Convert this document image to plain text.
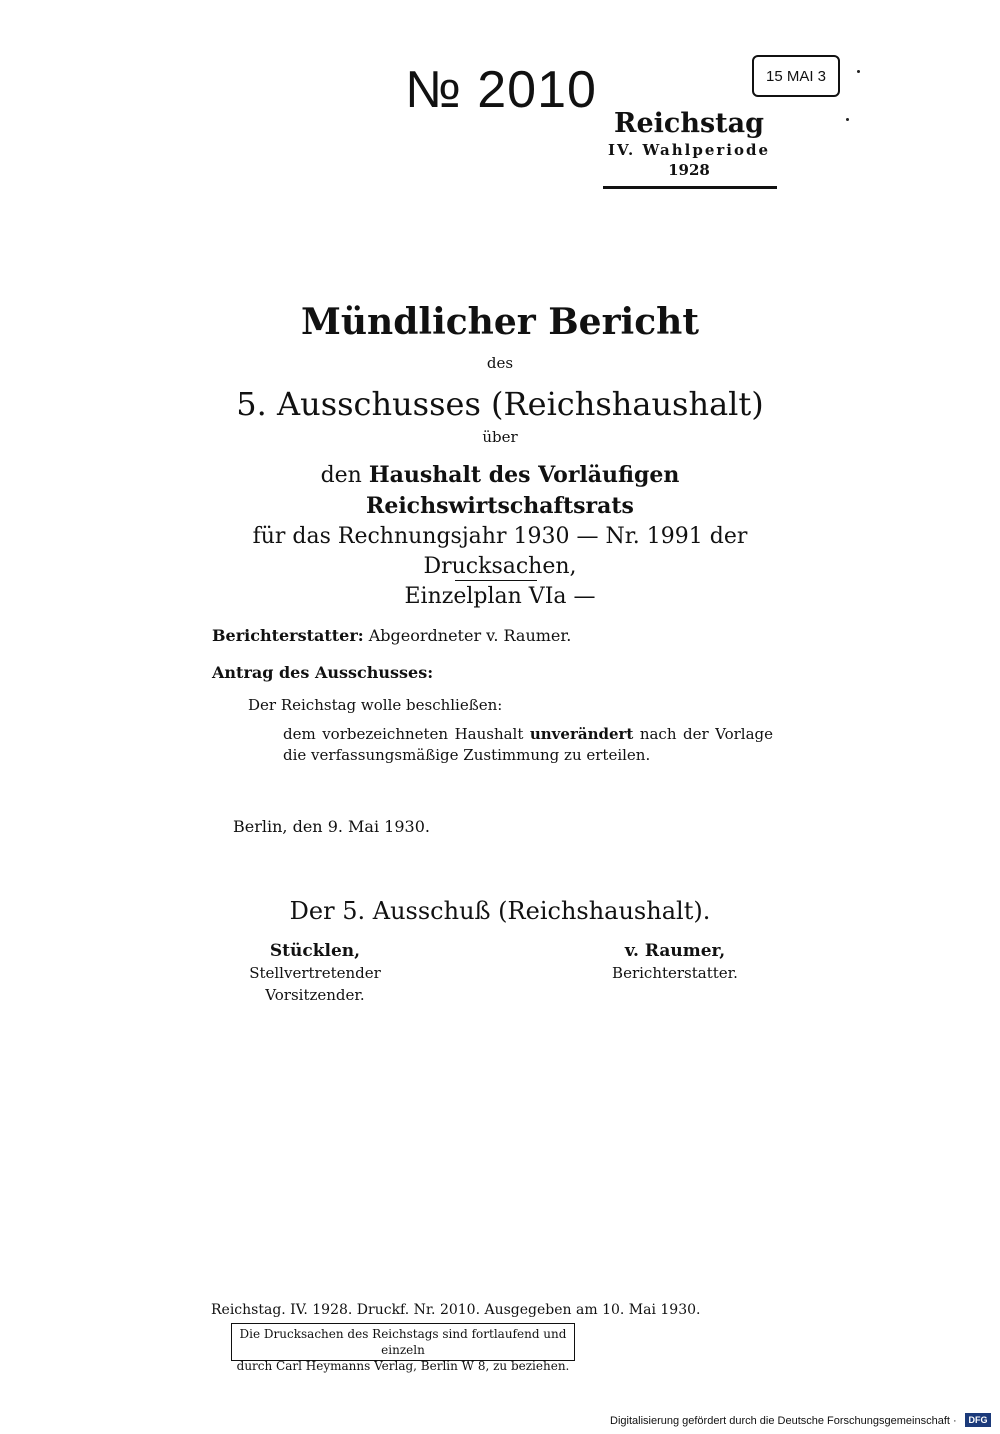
№ 2010	15 MAI 3
Reichstag
IV. Wahlperiode
1928
Mündlicher Bericht
des
5. Ausschusses (Reichshaushalt)
über
den Haushalt des Vorläufigen Reichswirtschaftsrats
für das Rechnungsjahr 1930 — Nr. 1991 der Drucksachen,
Einzelplan VIa —
Berichterstatter: Abgeordneter v. Raumer.
Antrag des Ausschusses:
Der Reichstag wolle beschließen:
dem vorbezeichneten Haushalt unverändert nach der Vorlage die verfassungsmäßige Zustimmung zu erteilen.
Berlin, den 9. Mai 1930.
Der 5. Ausschuß (Reichshaushalt).
Stücklen,
Stellvertretender Vorsitzender.
v. Raumer,
Berichterstatter.
Reichstag. IV. 1928. Druckf. Nr. 2010. Ausgegeben am 10. Mai 1930.
Die Drucksachen des Reichstags sind fortlaufend und einzeln
durch Carl Heymanns Verlag, Berlin W 8, zu beziehen.
Digitalisierung gefördert durch die Deutsche Forschungsgemeinschaft ·	DFG
